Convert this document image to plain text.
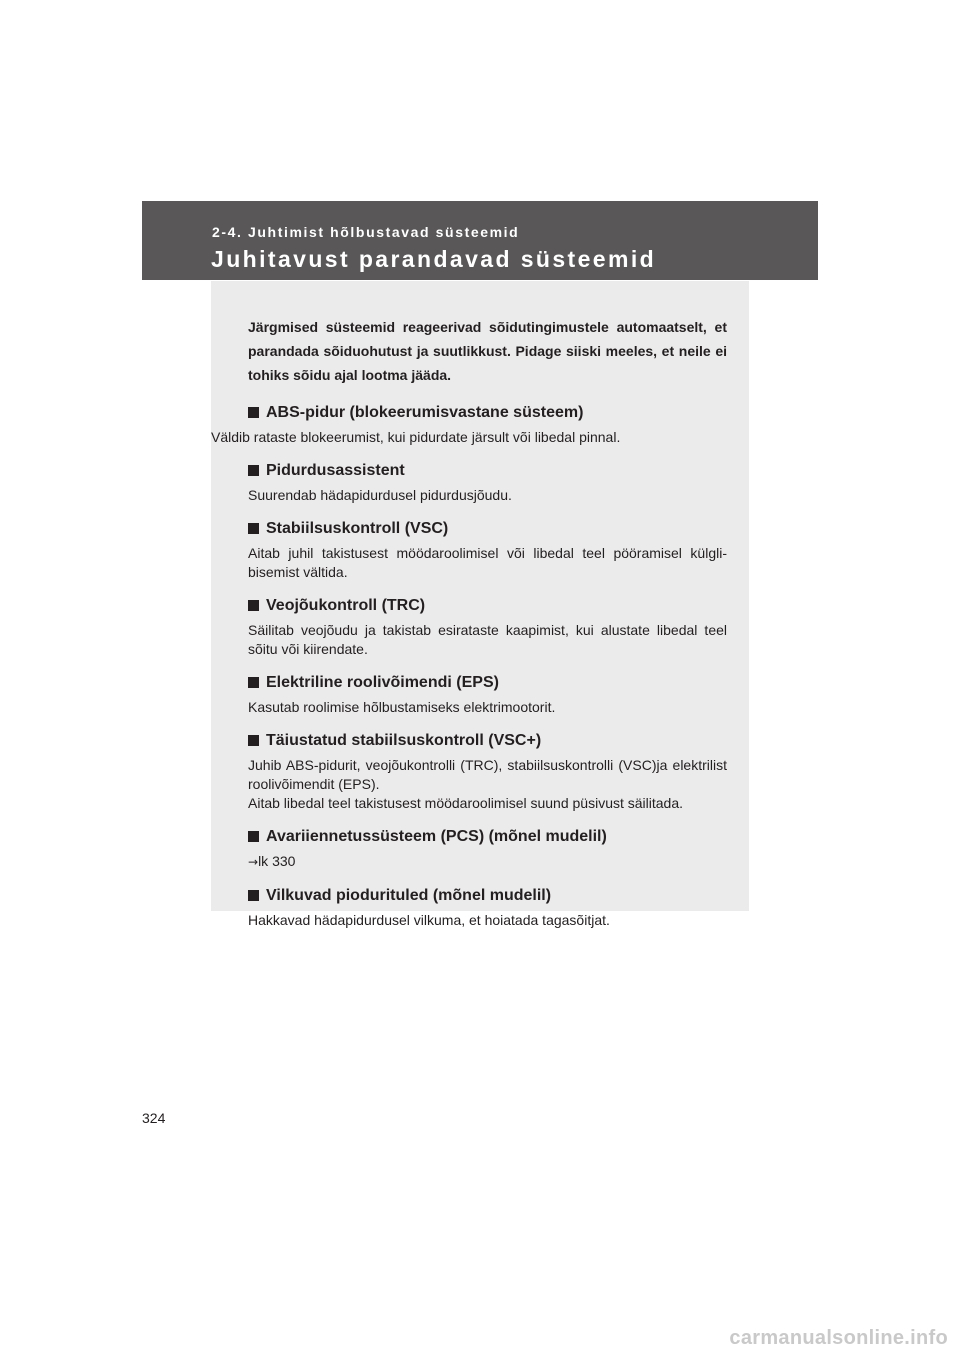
2-4. Juhtimist hõlbustavad süsteemid
Juhitavust parandavad süsteemid

Järgmised süsteemid reageerivad sõidutingimustele automaatselt, et parandada sõiduohutust ja suutlikkust. Pidage siiski meeles, et neile ei tohiks sõidu ajal lootma jääda.

ABS-pidur (blokeerumisvastane süsteem)
Väldib rataste blokeerumist, kui pidurdate järsult või libedal pinnal.
Pidurdusassistent
Suurendab hädapidurdusel pidurdusjõudu.
Stabiilsuskontroll (VSC)
Aitab juhil takistusest möödaroolimisel või libedal teel pööramisel külgli-bisemist vältida.
Veojõukontroll (TRC)
Säilitab veojõudu ja takistab esirataste kaapimist, kui alustate libedal teel sõitu või kiirendate.
Elektriline roolivõimendi (EPS)
Kasutab roolimise hõlbustamiseks elektrimootorit.
Täiustatud stabiilsuskontroll (VSC+)
Juhib ABS-pidurit, veojõukontrolli (TRC), stabiilsuskontrolli (VSC)ja elektrilist roolivõimendit (EPS).
Aitab libedal teel takistusest möödaroolimisel suund püsivust säilitada.
Avariiennetussüsteem (PCS) (mõnel mudelil)
→lk 330
Vilkuvad piodurituled (mõnel mudelil)
Hakkavad hädapidurdusel vilkuma, et hoiatada tagasõitjat.
324
carmanualsonline.info
